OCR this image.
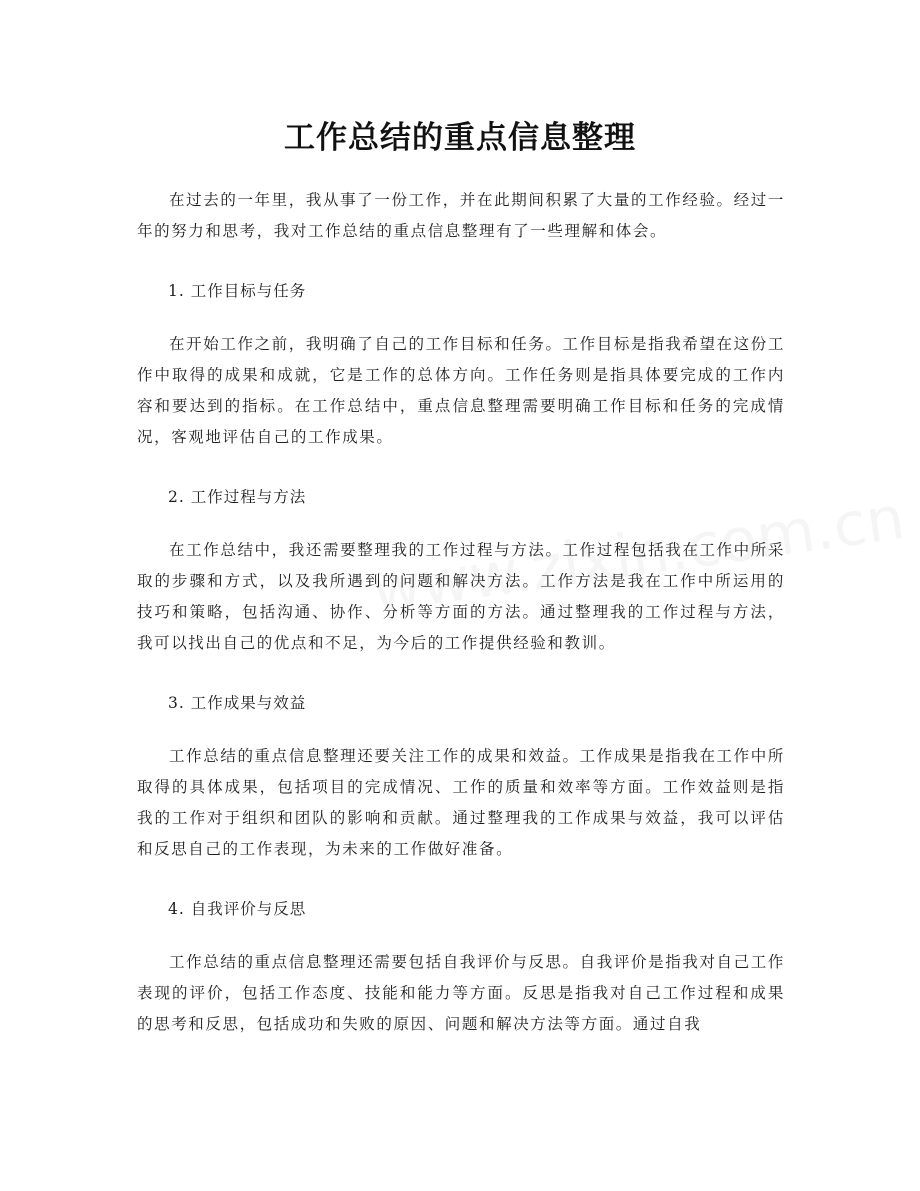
工作总结的重点信息整理

在过去的一年里，我从事了一份工作，并在此期间积累了大量的工作经验。经过一年的努力和思考，我对工作总结的重点信息整理有了一些理解和体会。

1. 工作目标与任务

在开始工作之前，我明确了自己的工作目标和任务。工作目标是指我希望在这份工作中取得的成果和成就，它是工作的总体方向。工作任务则是指具体要完成的工作内容和要达到的指标。在工作总结中，重点信息整理需要明确工作目标和任务的完成情况，客观地评估自己的工作成果。

2. 工作过程与方法

在工作总结中，我还需要整理我的工作过程与方法。工作过程包括我在工作中所采取的步骤和方式，以及我所遇到的问题和解决方法。工作方法是我在工作中所运用的技巧和策略，包括沟通、协作、分析等方面的方法。通过整理我的工作过程与方法，我可以找出自己的优点和不足，为今后的工作提供经验和教训。

3. 工作成果与效益

工作总结的重点信息整理还要关注工作的成果和效益。工作成果是指我在工作中所取得的具体成果，包括项目的完成情况、工作的质量和效率等方面。工作效益则是指我的工作对于组织和团队的影响和贡献。通过整理我的工作成果与效益，我可以评估和反思自己的工作表现，为未来的工作做好准备。

4. 自我评价与反思

工作总结的重点信息整理还需要包括自我评价与反思。自我评价是指我对自己工作表现的评价，包括工作态度、技能和能力等方面。反思是指我对自己工作过程和成果的思考和反思，包括成功和失败的原因、问题和解决方法等方面。通过自我
